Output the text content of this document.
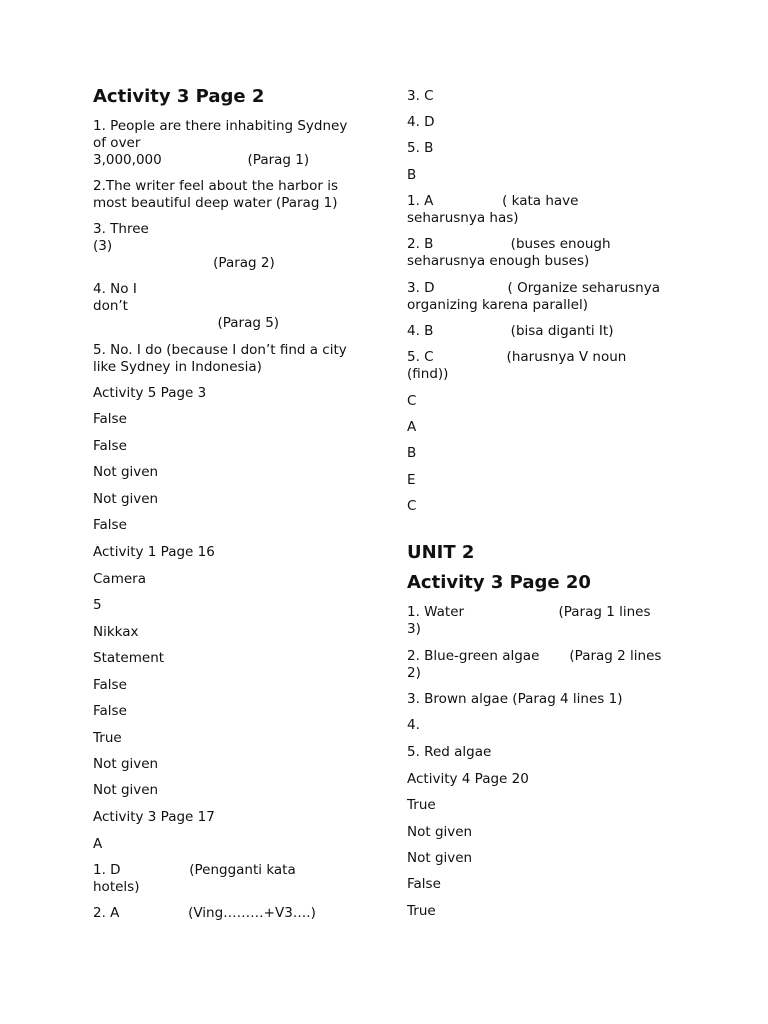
Activity 3 Page 2
1. People are there inhabiting Sydney
of over
3,000,000                    (Parag 1)
2.The writer feel about the harbor is
most beautiful deep water (Parag 1)
3. Three
(3)
(Parag 2)
4. No I
don’t
(Parag 5)
5. No. I do (because I don’t find a city
like Sydney in Indonesia)
Activity 5 Page 3
False
False
Not given
Not given
False
Activity 1 Page 16
Camera
5
Nikkax
Statement
False
False
True
Not given
Not given
Activity 3 Page 17
A
1. D                (Pengganti kata
hotels)
2. A                (Ving………+V3….)
3. C
4. D
5. B
B
1. A                ( kata have
seharusnya has)
2. B                  (buses enough
seharusnya enough buses)
3. D                 ( Organize seharusnya
organizing karena parallel)
4. B                  (bisa diganti It)
5. C                 (harusnya V noun
(find))
C
A
B
E
C
UNIT 2
Activity 3 Page 20
1. Water                      (Parag 1 lines
3)
2. Blue-green algae       (Parag 2 lines
2)
3. Brown algae (Parag 4 lines 1)
4.
5. Red algae
Activity 4 Page 20
True
Not given
Not given
False
True
